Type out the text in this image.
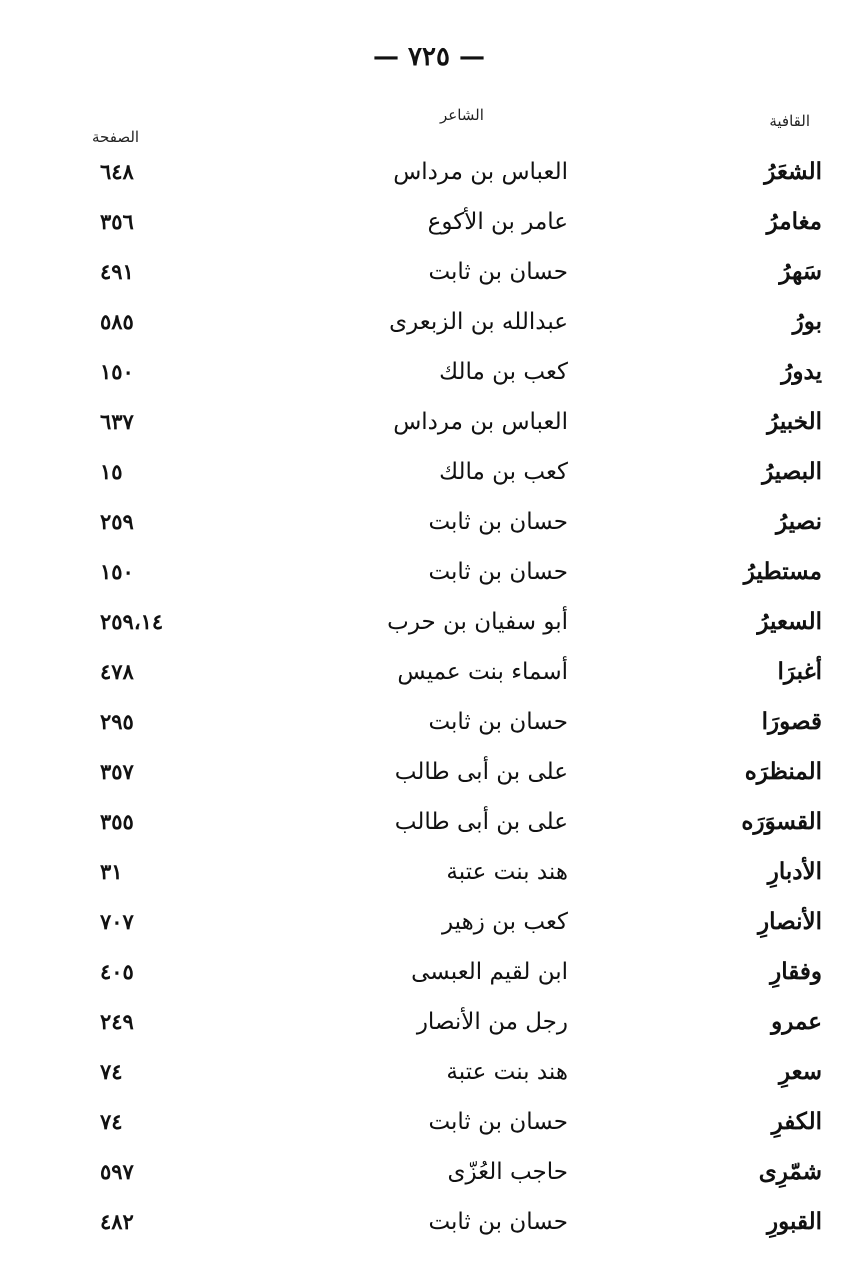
— ٧٢٥ —
القافية
الشاعر
الصفحة
الشعَرُ
العباس بن مرداس
٦٤٨
مغامرُ
عامر بن الأكوع
٣٥٦
سَهرُ
حسان بن ثابت
٤٩١
بورُ
عبدالله بن الزبعرى
٥٨٥
يدورُ
كعب بن مالك
١٥٠
الخبيرُ
العباس بن مرداس
٦٣٧
البصيرُ
كعب بن مالك
١٥
نصيرُ
حسان بن ثابت
٢٥٩
مستطيرُ
حسان بن ثابت
١٥٠
السعيرُ
أبو سفيان بن حرب
٢٥٩،١٤
أغبرَا
أسماء بنت عميس
٤٧٨
قصورَا
حسان بن ثابت
٢٩٥
المنظرَه
على بن أبى طالب
٣٥٧
القسوَرَه
على بن أبى طالب
٣٥٥
الأدبارِ
هند بنت عتبة
٣١
الأنصارِ
كعب بن زهير
٧٠٧
وفقارِ
ابن لقيم العبسى
٤٠٥
عمرو
رجل من الأنصار
٢٤٩
سعرِ
هند بنت عتبة
٧٤
الكفرِ
حسان بن ثابت
٧٤
شمّرِى
حاجب العُزّى
٥٩٧
القبورِ
حسان بن ثابت
٤٨٢
